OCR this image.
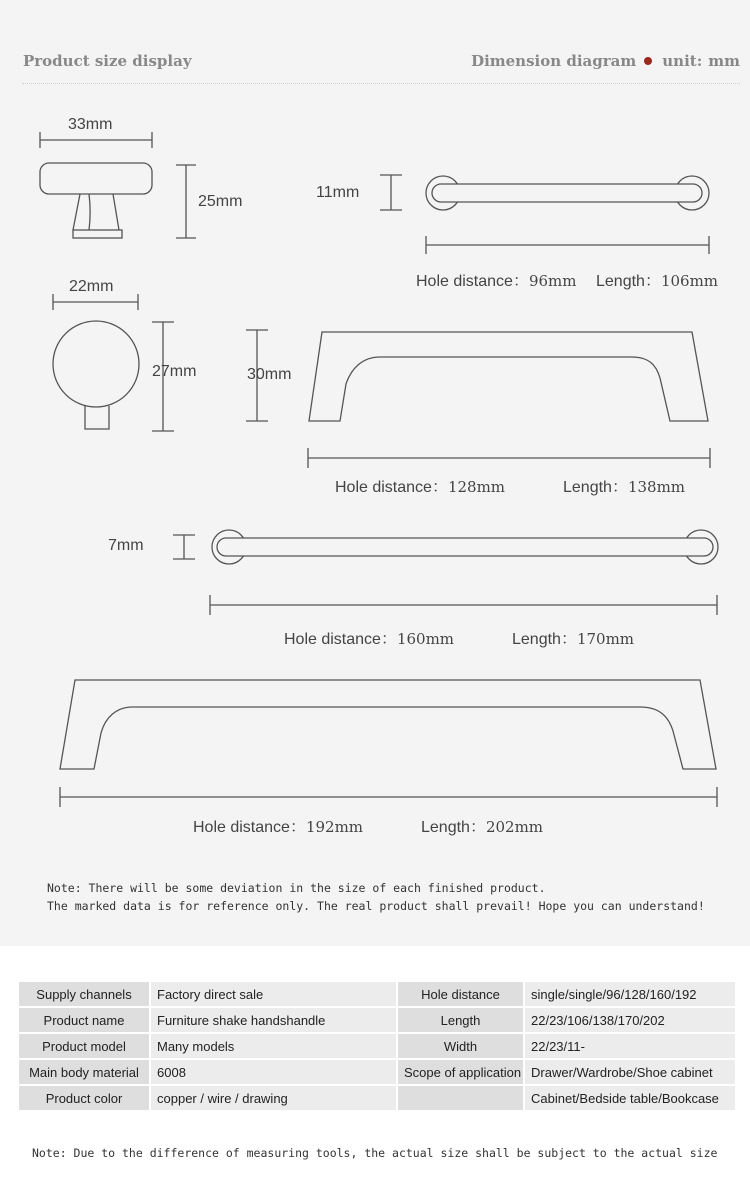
Product size display	Dimension diagram unit: mm
33mm
25mm
22mm
27mm
11mm
Hole distance：96mm Length：106mm
30mm
Hole distance：128mm	Length：138mm
7mm
Hole distance：160mm	Length：170mm
Hole distance：192mm	Length：202mm
Note: There will be some deviation in the size of each finished product.
The marked data is for reference only. The real product shall prevail! Hope you can understand!
Supply channels	Factory direct sale	Hole distance	single/single/96/128/160/192
Product name	Furniture shake handshandle	Length	22/23/106/138/170/202
Product model	Many models	Width	22/23/11-
Main body material	6008	Scope of application	Drawer/Wardrobe/Shoe cabinet
Product color	copper / wire / drawing		Cabinet/Bedside table/Bookcase
Note: Due to the difference of measuring tools, the actual size shall be subject to the actual size
